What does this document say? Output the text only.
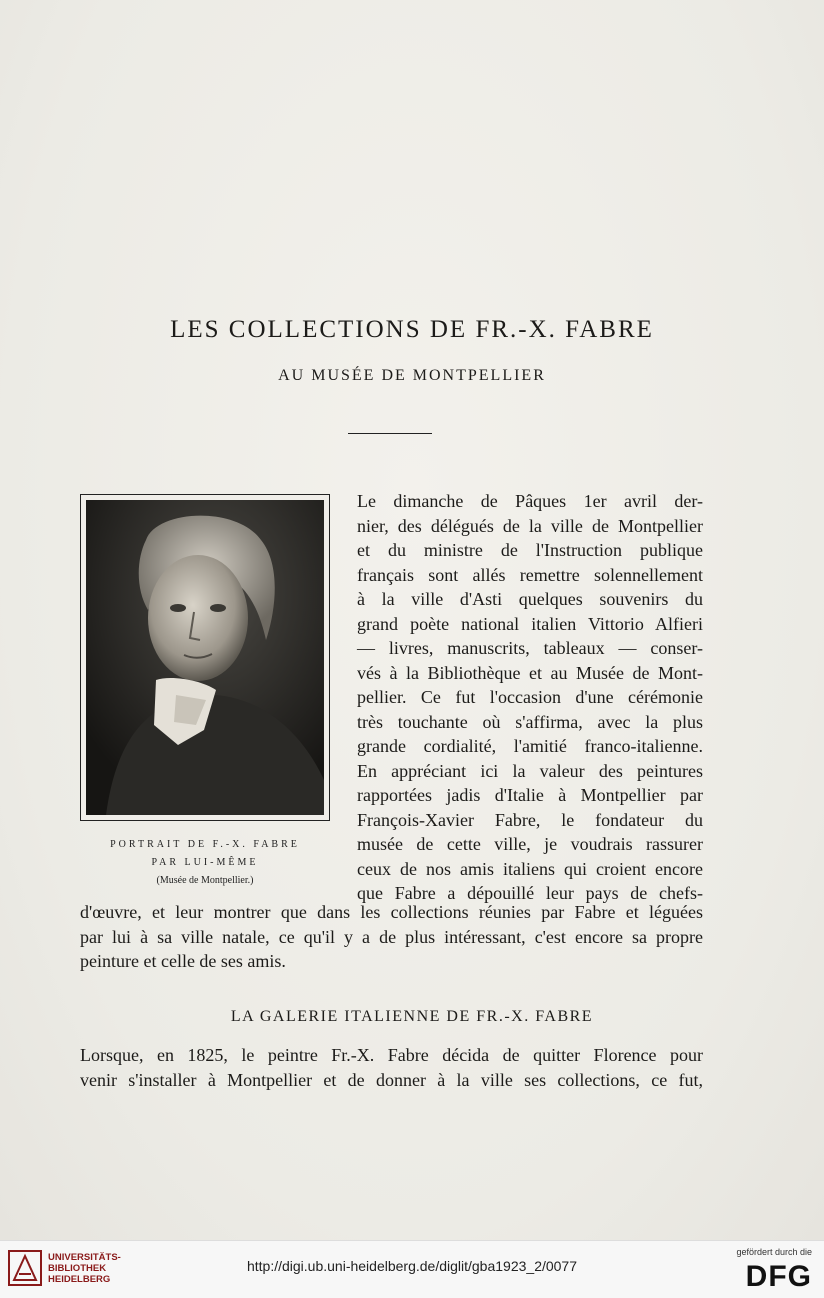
LES COLLECTIONS DE FR.-X. FABRE
AU MUSÉE DE MONTPELLIER
PORTRAIT DE F.-X. FABRE
PAR LUI-MÊME
(Musée de Montpellier.)
Le dimanche de Pâques 1er avril der-
nier, des délégués de la ville de Montpellier
et du ministre de l'Instruction publique
français sont allés remettre solennellement
à la ville d'Asti quelques souvenirs du
grand poète national italien Vittorio Alfieri
— livres, manuscrits, tableaux — conser-
vés à la Bibliothèque et au Musée de Mont-
pellier. Ce fut l'occasion d'une cérémonie
très touchante où s'affirma, avec la plus
grande cordialité, l'amitié franco-italienne.
En appréciant ici la valeur des peintures
rapportées jadis d'Italie à Montpellier par
François-Xavier Fabre, le fondateur du
musée de cette ville, je voudrais rassurer
ceux de nos amis italiens qui croient encore
que Fabre a dépouillé leur pays de chefs-
d'œuvre, et leur montrer que dans les collections réunies par Fabre et léguées
par lui à sa ville natale, ce qu'il y a de plus intéressant, c'est encore sa propre
peinture et celle de ses amis.
LA GALERIE ITALIENNE DE FR.-X. FABRE
Lorsque, en 1825, le peintre Fr.-X. Fabre décida de quitter Florence pour
venir s'installer à Montpellier et de donner à la ville ses collections, ce fut,
UNIVERSITÄTS-
BIBLIOTHEK
HEIDELBERG
http://digi.ub.uni-heidelberg.de/diglit/gba1923_2/0077
gefördert durch die
DFG
